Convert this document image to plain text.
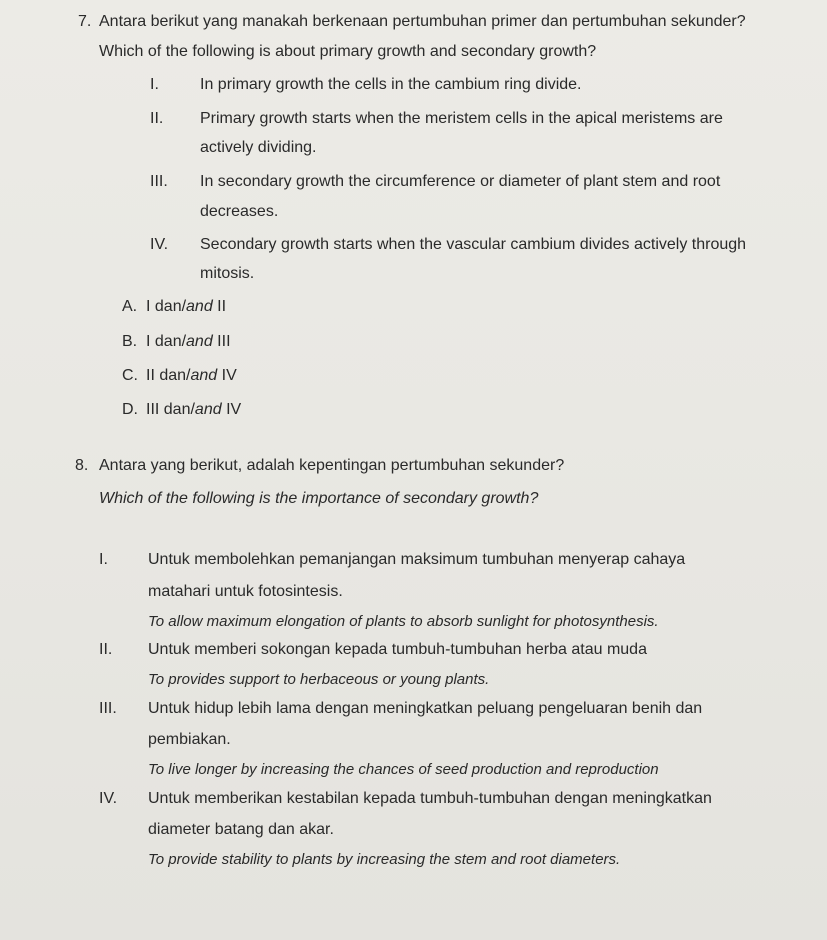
7. Antara berikut yang manakah berkenaan pertumbuhan primer dan pertumbuhan sekunder?
Which of the following is about primary growth and secondary growth?
I.	In primary growth the cells in the cambium ring divide.
II. Primary growth starts when the meristem cells in the apical meristems are
actively dividing.
III. In secondary growth the circumference or diameter of plant stem and root
decreases.
IV. Secondary growth starts when the vascular cambium divides actively through
mitosis.
A. I dan/and II
B. I dan/and III
C. II dan/and IV
D. III dan/and IV
8. Antara yang berikut, adalah kepentingan pertumbuhan sekunder?
Which of the following is the importance of secondary growth?
I.	Untuk membolehkan pemanjangan maksimum tumbuhan menyerap cahaya
matahari untuk fotosintesis.
To allow maximum elongation of plants to absorb sunlight for photosynthesis.
II. Untuk memberi sokongan kepada tumbuh-tumbuhan herba atau muda
To provides support to herbaceous or young plants.
III. Untuk hidup lebih lama dengan meningkatkan peluang pengeluaran benih dan
pembiakan.
To live longer by increasing the chances of seed production and reproduction
IV. Untuk memberikan kestabilan kepada tumbuh-tumbuhan dengan meningkatkan
diameter batang dan akar.
To provide stability to plants by increasing the stem and root diameters.
